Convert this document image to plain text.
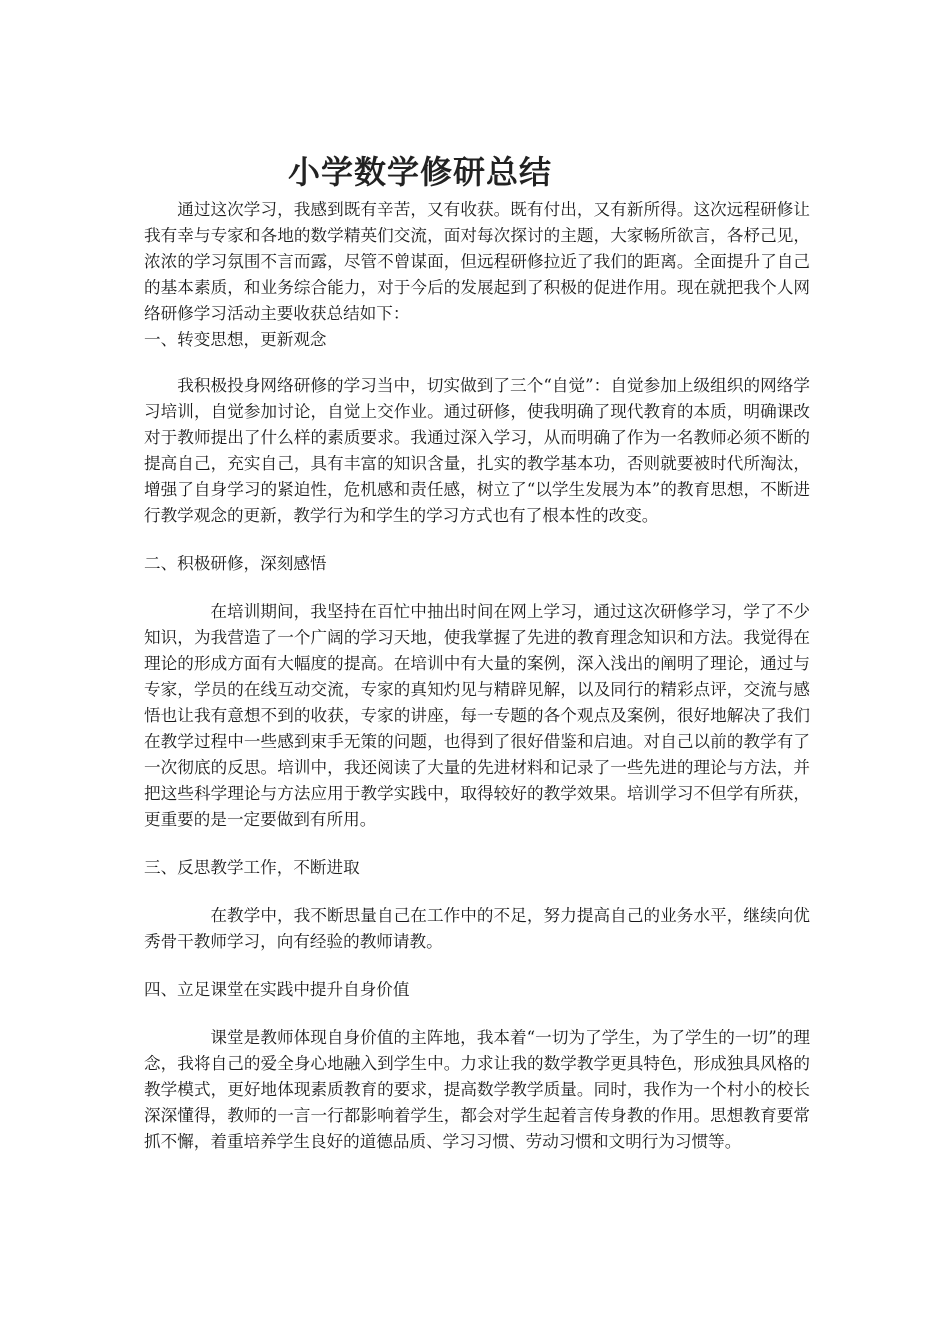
小学数学修研总结

通过这次学习，我感到既有辛苦，又有收获。既有付出，又有新所得。这次远程研修让我有幸与专家和各地的数学精英们交流，面对每次探讨的主题，大家畅所欲言，各杼己见，浓浓的学习氛围不言而露，尽管不曾谋面，但远程研修拉近了我们的距离。全面提升了自己的基本素质，和业务综合能力，对于今后的发展起到了积极的促进作用。现在就把我个人网络研修学习活动主要收获总结如下：

一、转变思想，更新观念

我积极投身网络研修的学习当中，切实做到了三个“自觉”：自觉参加上级组织的网络学习培训，自觉参加讨论，自觉上交作业。通过研修，使我明确了现代教育的本质，明确课改对于教师提出了什么样的素质要求。我通过深入学习，从而明确了作为一名教师必须不断的提高自己，充实自己，具有丰富的知识含量，扎实的教学基本功，否则就要被时代所淘汰，增强了自身学习的紧迫性，危机感和责任感，树立了“以学生发展为本”的教育思想，不断进行教学观念的更新，教学行为和学生的学习方式也有了根本性的改变。

二、积极研修，深刻感悟

在培训期间，我坚持在百忙中抽出时间在网上学习，通过这次研修学习，学了不少知识，为我营造了一个广阔的学习天地，使我掌握了先进的教育理念知识和方法。我觉得在理论的形成方面有大幅度的提高。在培训中有大量的案例，深入浅出的阐明了理论，通过与专家，学员的在线互动交流，专家的真知灼见与精辟见解，以及同行的精彩点评，交流与感悟也让我有意想不到的收获，专家的讲座，每一专题的各个观点及案例，很好地解决了我们在教学过程中一些感到束手无策的问题，也得到了很好借鉴和启迪。对自己以前的教学有了一次彻底的反思。培训中，我还阅读了大量的先进材料和记录了一些先进的理论与方法，并把这些科学理论与方法应用于教学实践中，取得较好的教学效果。培训学习不但学有所获，更重要的是一定要做到有所用。

三、反思教学工作，不断进取

在教学中，我不断思量自己在工作中的不足，努力提高自己的业务水平，继续向优秀骨干教师学习，向有经验的教师请教。

四、立足课堂在实践中提升自身价值

课堂是教师体现自身价值的主阵地，我本着“一切为了学生，为了学生的一切”的理念，我将自己的爱全身心地融入到学生中。力求让我的数学教学更具特色，形成独具风格的教学模式，更好地体现素质教育的要求，提高数学教学质量。同时，我作为一个村小的校长深深懂得，教师的一言一行都影响着学生，都会对学生起着言传身教的作用。思想教育要常抓不懈，着重培养学生良好的道德品质、学习习惯、劳动习惯和文明行为习惯等。
